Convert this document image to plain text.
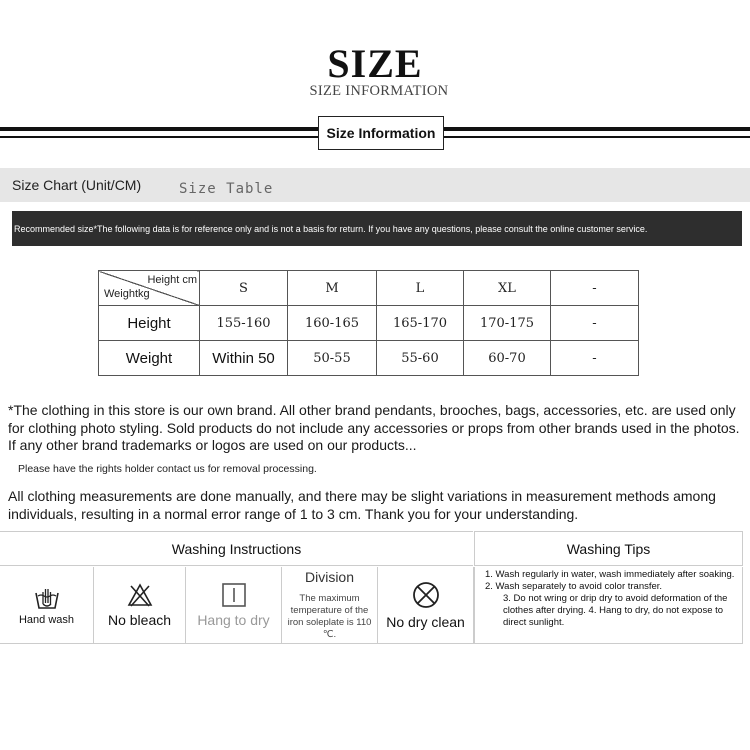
SIZE
SIZE INFORMATION
Size Information
Size Chart (Unit/CM)	Size Table
Recommended size*The following data is for reference only and is not a basis for return. If you have any questions, please consult the online customer service.
Height cm
Weightkg	S	M	L	XL	-
Height	155-160	160-165	165-170	170-175	-
Weight	Within 50	50-55	55-60	60-70	-
*The clothing in this store is our own brand. All other brand pendants, brooches, bags, accessories, etc. are used only for clothing photo styling. Sold products do not include any accessories or props from other brands used in the photos. If any other brand trademarks or logos are used on our products...
Please have the rights holder contact us for removal processing.
All clothing measurements are done manually, and there may be slight variations in measurement methods among individuals, resulting in a normal error range of 1 to 3 cm. Thank you for your understanding.
Washing Instructions	Washing Tips
Hand wash No bleach Hang to dry
Division
The maximum temperature of the iron soleplate is 110 ℃.
No dry clean
1. Wash regularly in water, wash immediately after soaking. 2. Wash separately to avoid color transfer.
3. Do not wring or drip dry to avoid deformation of the clothes after drying. 4. Hang to dry, do not expose to direct sunlight.
